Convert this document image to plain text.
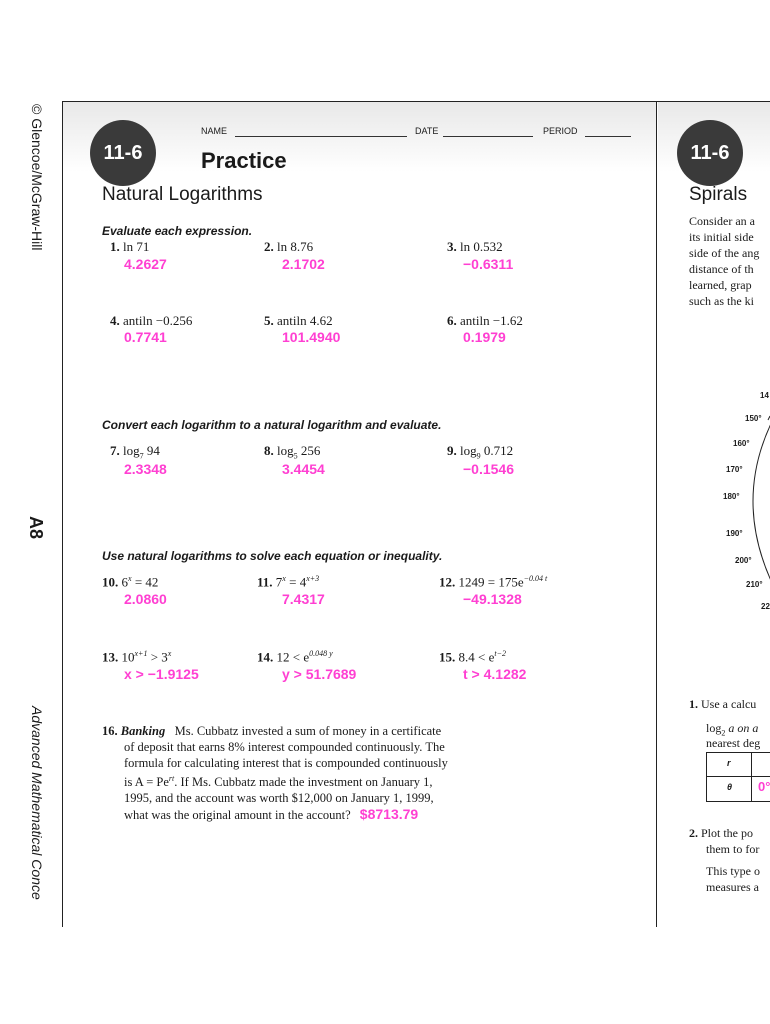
© Glencoe/McGraw-Hill
A8
Advanced Mathematical Conce
NAME	DATE	PERIOD
11-6	Practice
Natural Logarithms
Evaluate each expression.
1. ln 71
4.2627
2. ln 8.76
2.1702
3. ln 0.532
−0.6311
4. antiln −0.256
0.7741
5. antiln 4.62
101.4940
6. antiln −1.62
0.1979
Convert each logarithm to a natural logarithm and evaluate.
7. $\log_7 94$
2.3348
8. $\log_5 256$
3.4454
9. $\log_9 0.712$
−0.1546
Use natural logarithms to solve each equation or inequality.
10. $6^x = 42$
2.0860
11. $7^x = 4^{x+3}$
7.4317
12. $1249 = 175e^{-0.04 t}$
−49.1328
13. $10^{x+1} > 3^x$
x > −1.9125
14. $12 < e^{0.048 y}$
y > 51.7689
15. $8.4 < e^{t-2}$
t > 4.1282
16. Banking Ms. Cubbatz invested a sum of money in a certificate
of deposit that earns 8% interest compounded continuously. The
formula for calculating interest that is compounded continuously
is $A = Pe^{rt}$. If Ms. Cubbatz made the investment on January 1,
1995, and the account was worth $12,000 on January 1, 1999,
what was the original amount in the account? $8713.79
11-6
Spirals
Consider an a
its initial side
side of the ang
distance of th
learned, grap
such as the ki
14
150°
160°
170°
180°
190°
200°
210°
22
1. Use a calcu
$\log_2 a$ on a
nearest deg
r
θ 0°
2. Plot the po
them to for
This type o
measures a
